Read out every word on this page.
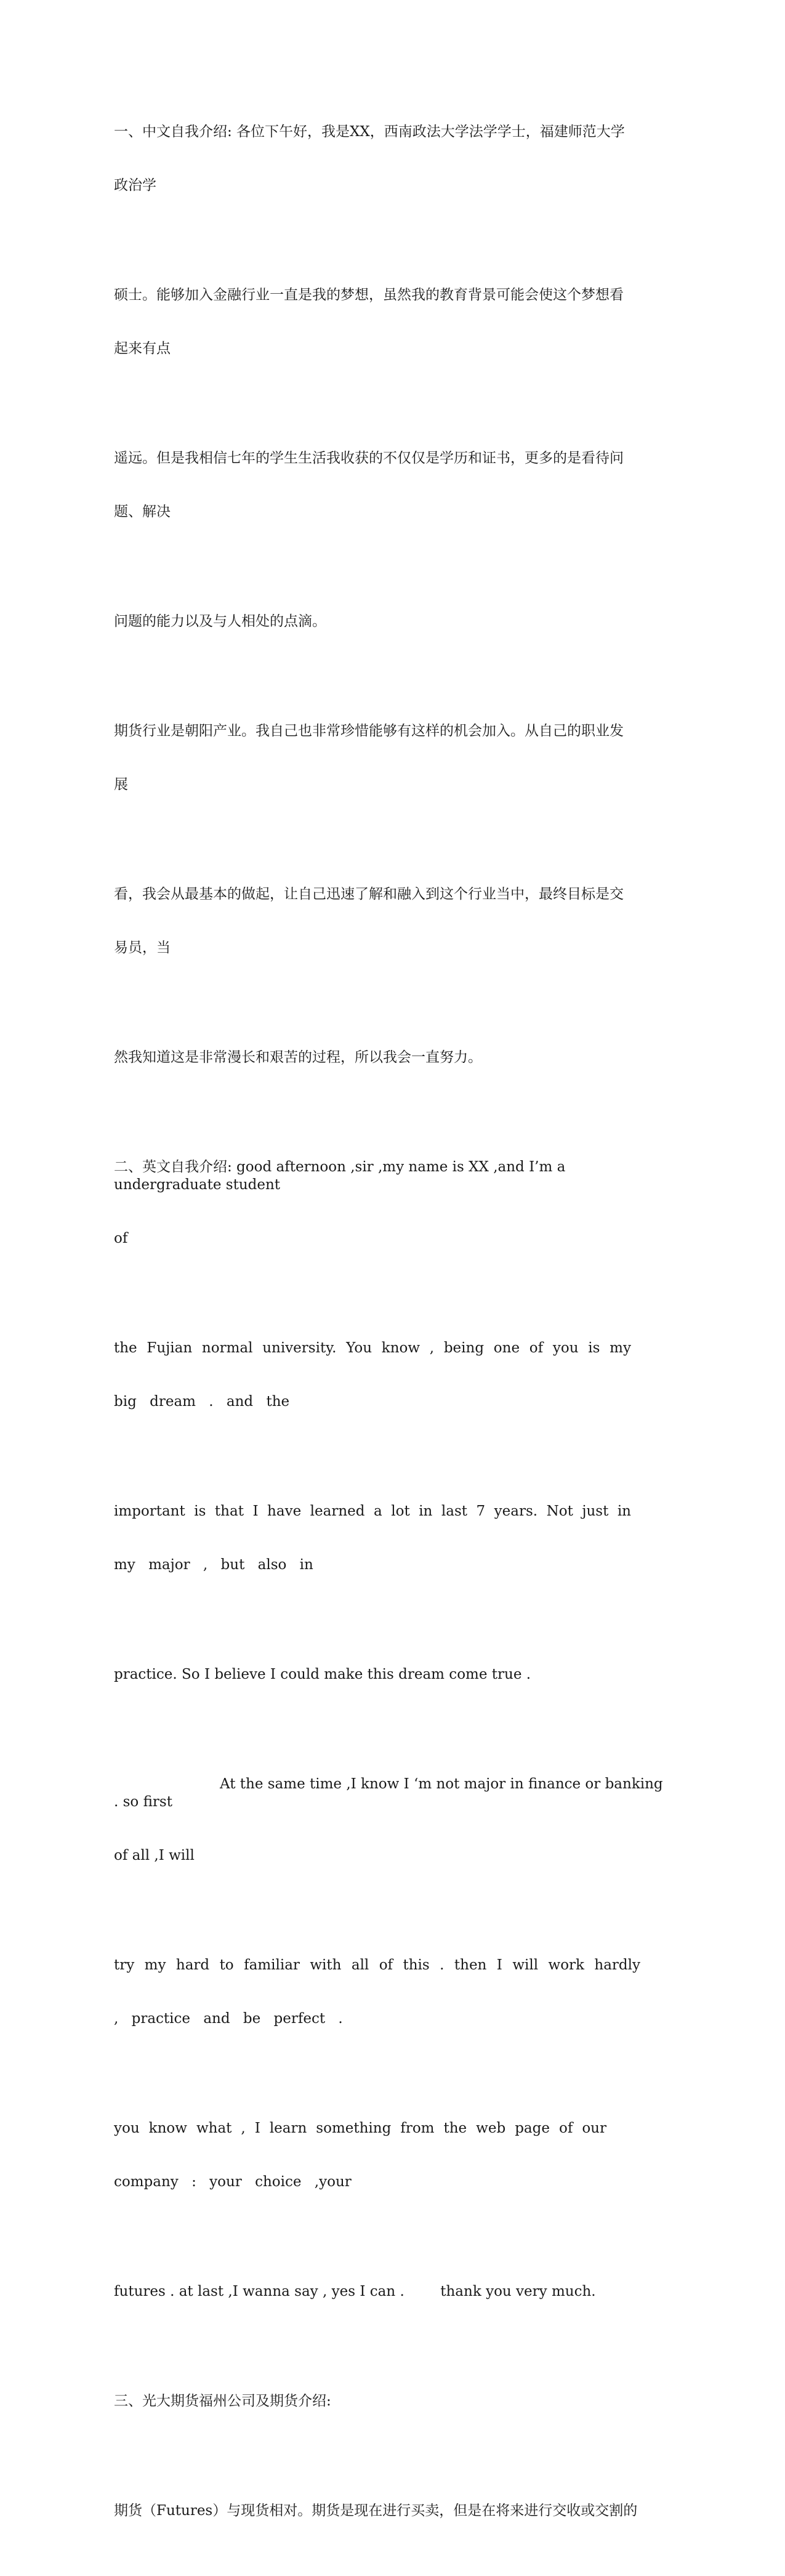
一、中文自我介绍: 各位下午好，我是XX，西南政法大学法学学士，福建师范大学

政治学

硕士。能够加入金融行业一直是我的梦想，虽然我的教育背景可能会使这个梦想看

起来有点

遥远。但是我相信七年的学生生活我收获的不仅仅是学历和证书，更多的是看待问

题、解决

问题的能力以及与人相处的点滴。

期货行业是朝阳产业。我自己也非常珍惜能够有这样的机会加入。从自己的职业发

展

看，我会从最基本的做起，让自己迅速了解和融入到这个行业当中，最终目标是交

易员，当

然我知道这是非常漫长和艰苦的过程，所以我会一直努力。

二、英文自我介绍: good afternoon ,sir ,my name is XX ,and I’m a undergraduate student

of

the Fujian normal university. You know , being one of you is my

big dream . and the

important is that I have learned a lot in last 7 years. Not just in

my major , but also in

practice. So I believe I could make this dream come true .

At the same time ,I know I ‘m not major in finance or banking . so first

of all ,I will

try my hard to familiar with all of this . then I will work hardly

, practice and be perfect .

you know what , I learn something from the web page of our

company : your choice ,your

futures . at last ,I wanna say , yes I can .        thank you very much.

三、光大期货福州公司及期货介绍:

期货（Futures）与现货相对。期货是现在进行买卖，但是在将来进行交收或交割的
